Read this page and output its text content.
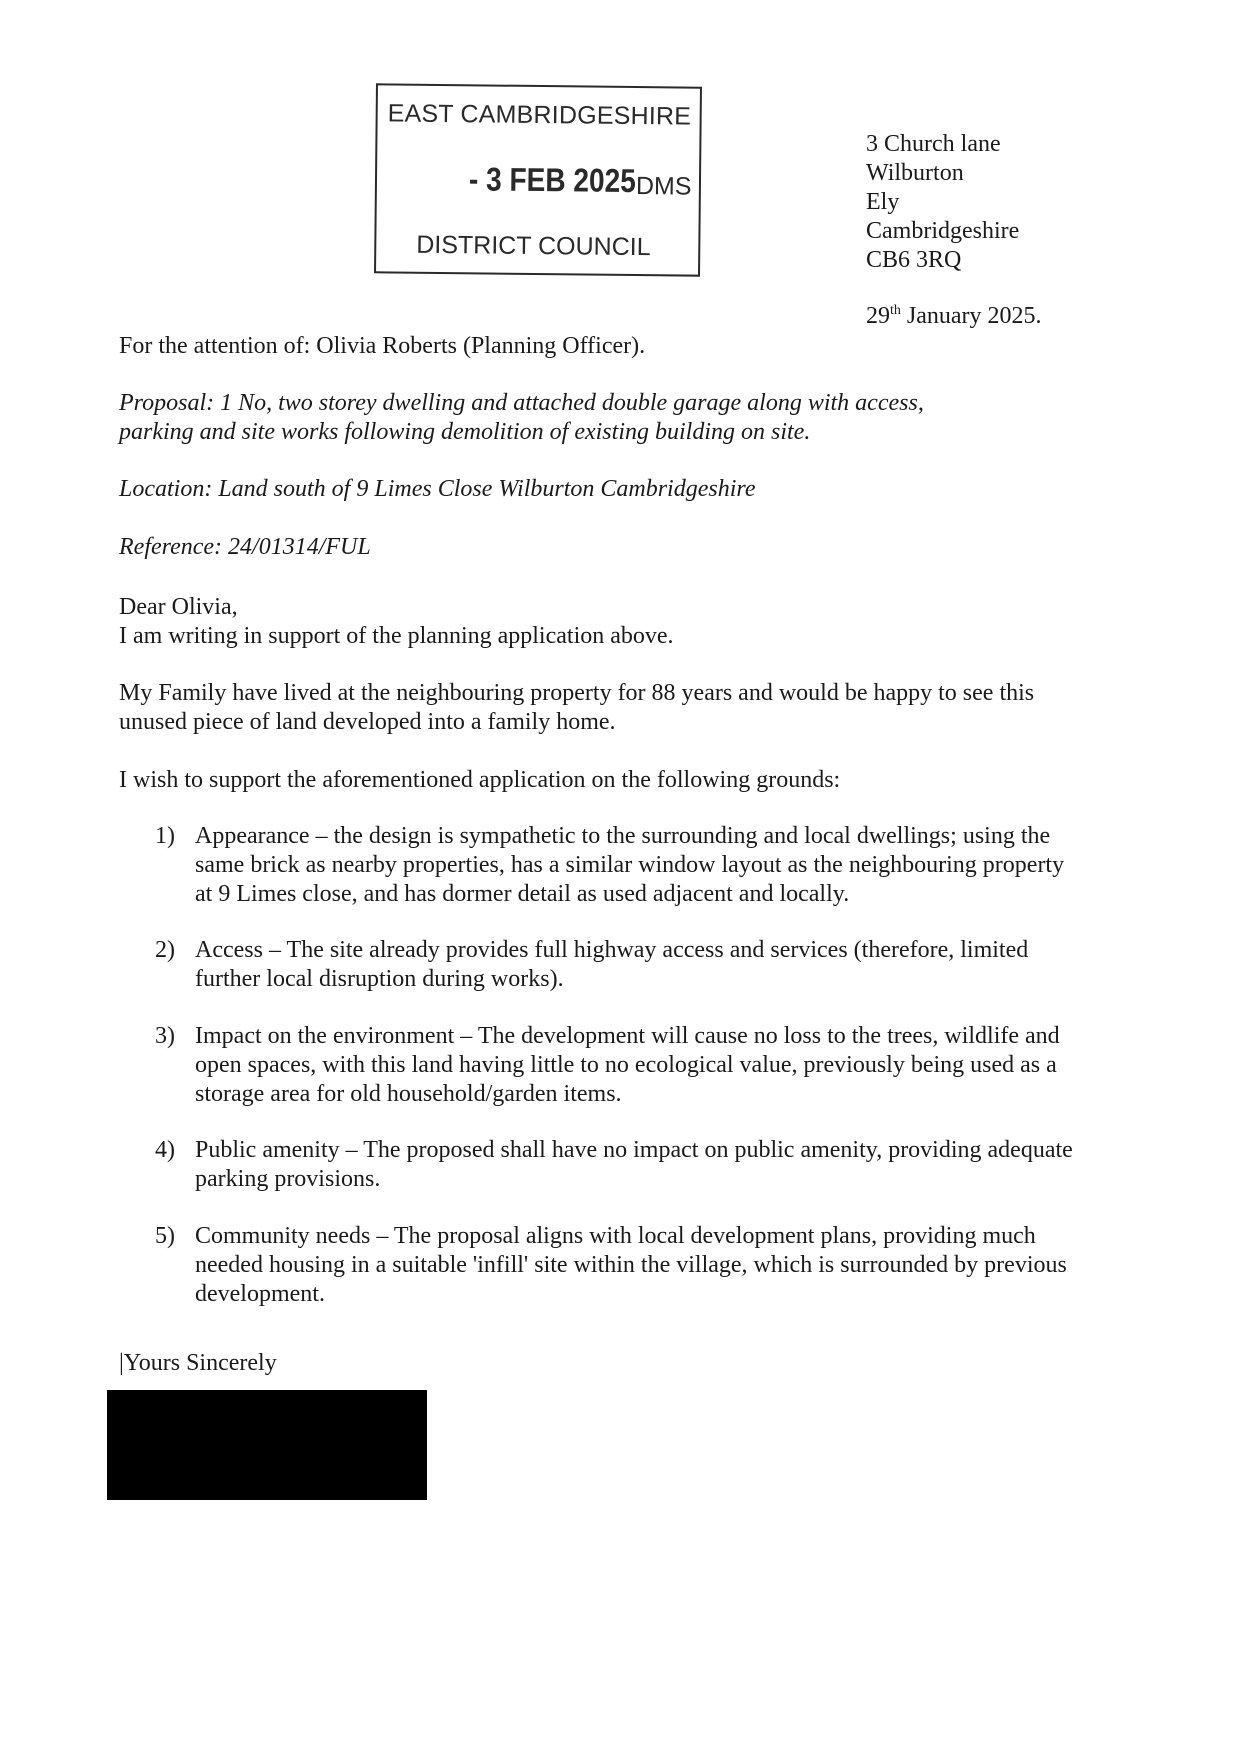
EAST CAMBRIDGESHIRE
- 3 FEB 2025 DMS
DISTRICT COUNCIL
3 Church lane
Wilburton
Ely
Cambridgeshire
CB6 3RQ
29th January 2025.
For the attention of: Olivia Roberts (Planning Officer).
Proposal: 1 No, two storey dwelling and attached double garage along with access,
parking and site works following demolition of existing building on site.
Location: Land south of 9 Limes Close Wilburton Cambridgeshire
Reference: 24/01314/FUL
Dear Olivia,
I am writing in support of the planning application above.
My Family have lived at the neighbouring property for 88 years and would be happy to see this
unused piece of land developed into a family home.
I wish to support the aforementioned application on the following grounds:
1) Appearance – the design is sympathetic to the surrounding and local dwellings; using the
same brick as nearby properties, has a similar window layout as the neighbouring property
at 9 Limes close, and has dormer detail as used adjacent and locally.
2) Access – The site already provides full highway access and services (therefore, limited
further local disruption during works).
3) Impact on the environment – The development will cause no loss to the trees, wildlife and
open spaces, with this land having little to no ecological value, previously being used as a
storage area for old household/garden items.
4) Public amenity – The proposed shall have no impact on public amenity, providing adequate
parking provisions.
5) Community needs – The proposal aligns with local development plans, providing much
needed housing in a suitable 'infill' site within the village, which is surrounded by previous
development.
|Yours Sincerely
